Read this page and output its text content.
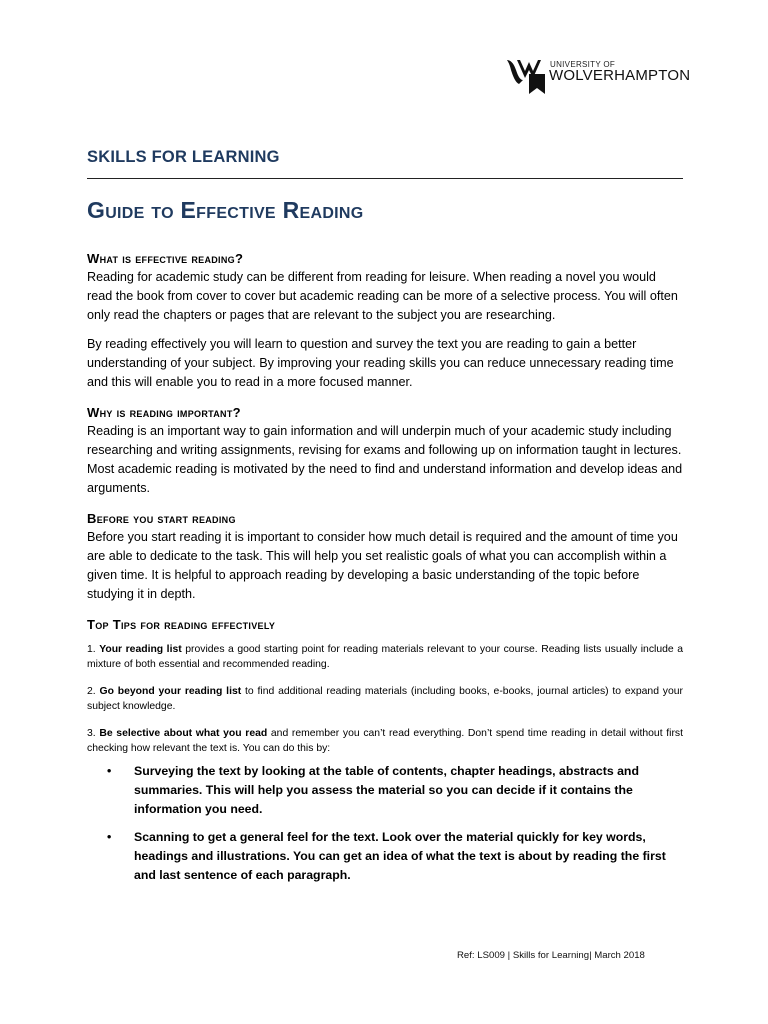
UNIVERSITY OF
WOLVERHAMPTON
SKILLS FOR LEARNING
Guide to Effective Reading
What is effective reading?

Reading for academic study can be different from reading for leisure. When reading a novel you would read the book from cover to cover but academic reading can be more of a selective process. You will often only read the chapters or pages that are relevant to the subject you are researching.

By reading effectively you will learn to question and survey the text you are reading to gain a better understanding of your subject. By improving your reading skills you can reduce unnecessary reading time and this will enable you to read in a more focused manner.

Why is reading important?

Reading is an important way to gain information and will underpin much of your academic study including researching and writing assignments, revising for exams and following up on information taught in lectures. Most academic reading is motivated by the need to find and understand information and develop ideas and arguments.

Before you start reading

Before you start reading it is important to consider how much detail is required and the amount of time you are able to dedicate to the task. This will help you set realistic goals of what you can accomplish within a given time. It is helpful to approach reading by developing a basic understanding of the topic before studying it in depth.

Top Tips for reading effectively

1. Your reading list provides a good starting point for reading materials relevant to your course. Reading lists usually include a mixture of both essential and recommended reading.

2. Go beyond your reading list to find additional reading materials (including books, e-books, journal articles) to expand your subject knowledge.

3. Be selective about what you read and remember you can’t read everything. Don’t spend time reading in detail without first checking how relevant the text is. You can do this by:

• Surveying the text by looking at the table of contents, chapter headings, abstracts and summaries. This will help you assess the material so you can decide if it contains the information you need.
• Scanning to get a general feel for the text. Look over the material quickly for key words, headings and illustrations. You can get an idea of what the text is about by reading the first and last sentence of each paragraph.
Ref: LS009 | Skills for Learning| March 2018
